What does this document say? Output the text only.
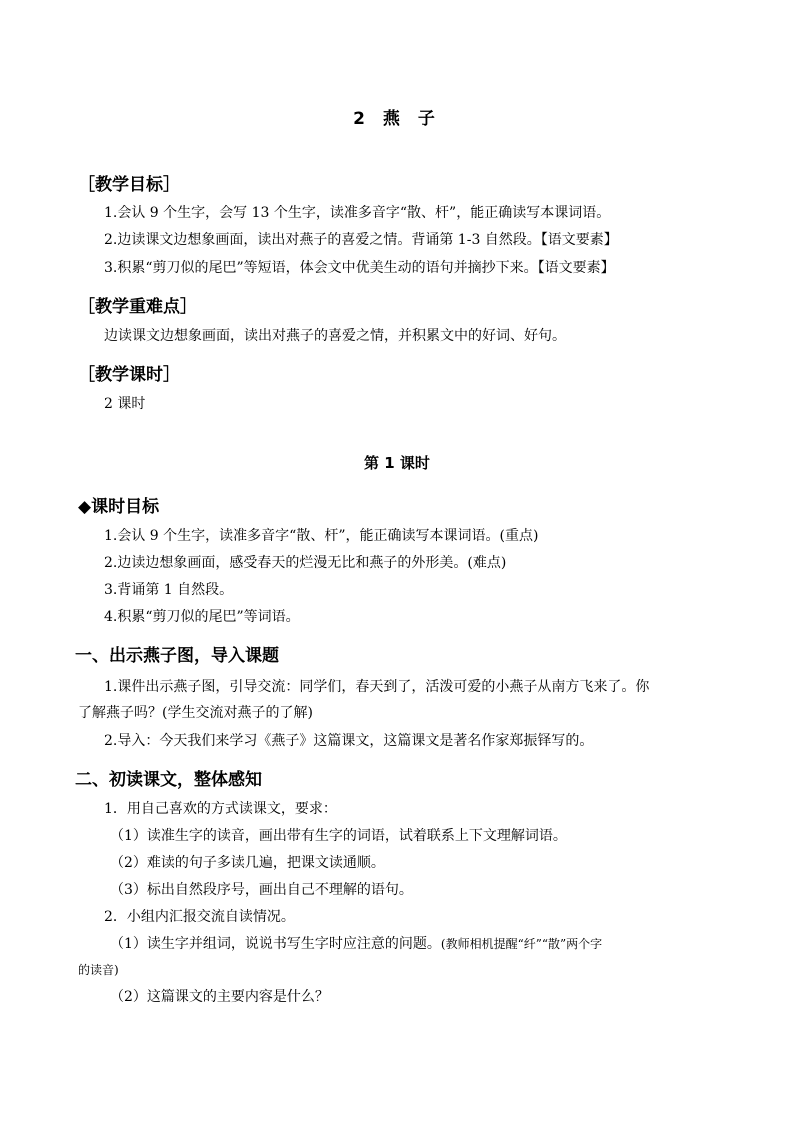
2 燕 子
［教学目标］
1.会认 9 个生字，会写 13 个生字，读准多音字“散、杆”，能正确读写本课词语。
2.边读课文边想象画面，读出对燕子的喜爱之情。背诵第 1-3 自然段。【语文要素】
3.积累“剪刀似的尾巴”等短语，体会文中优美生动的语句并摘抄下来。【语文要素】
［教学重难点］
边读课文边想象画面，读出对燕子的喜爱之情，并积累文中的好词、好句。
［教学课时］
2 课时
第 1 课时
◆课时目标
1.会认 9 个生字，读准多音字“散、杆”，能正确读写本课词语。(重点)
2.边读边想象画面，感受春天的烂漫无比和燕子的外形美。(难点)
3.背诵第 1 自然段。
4.积累“剪刀似的尾巴”等词语。
一、出示燕子图，导入课题
1.课件出示燕子图，引导交流：同学们，春天到了，活泼可爱的小燕子从南方飞来了。你
了解燕子吗？(学生交流对燕子的了解)
2.导入：今天我们来学习《燕子》这篇课文，这篇课文是著名作家郑振铎写的。
二、初读课文，整体感知
1．用自己喜欢的方式读课文，要求：
（1）读准生字的读音，画出带有生字的词语，试着联系上下文理解词语。
（2）难读的句子多读几遍，把课文读通顺。
（3）标出自然段序号，画出自己不理解的语句。
2．小组内汇报交流自读情况。
（1）读生字并组词，说说书写生字时应注意的问题。(教师相机提醒“纤”“散”两个字
的读音)
（2）这篇课文的主要内容是什么？
